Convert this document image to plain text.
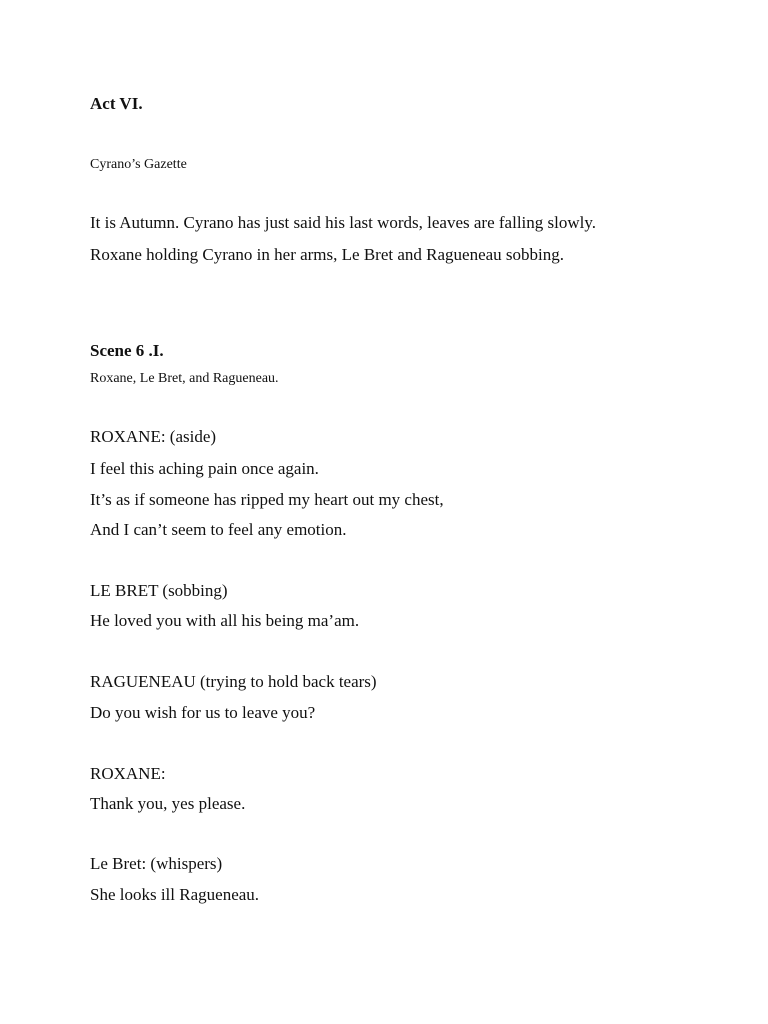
Act VI.
Cyrano’s Gazette
It is Autumn. Cyrano has just said his last words, leaves are falling slowly.
Roxane holding Cyrano in her arms, Le Bret and Ragueneau sobbing.
Scene 6 .I.
Roxane, Le Bret, and Ragueneau.
ROXANE: (aside)
I feel this aching pain once again.
It’s as if someone has ripped my heart out my chest,
And I can’t seem to feel any emotion.
LE BRET (sobbing)
He loved you with all his being ma’am.
RAGUENEAU (trying to hold back tears)
Do you wish for us to leave you?
ROXANE:
Thank you, yes please.
Le Bret: (whispers)
She looks ill Ragueneau.
